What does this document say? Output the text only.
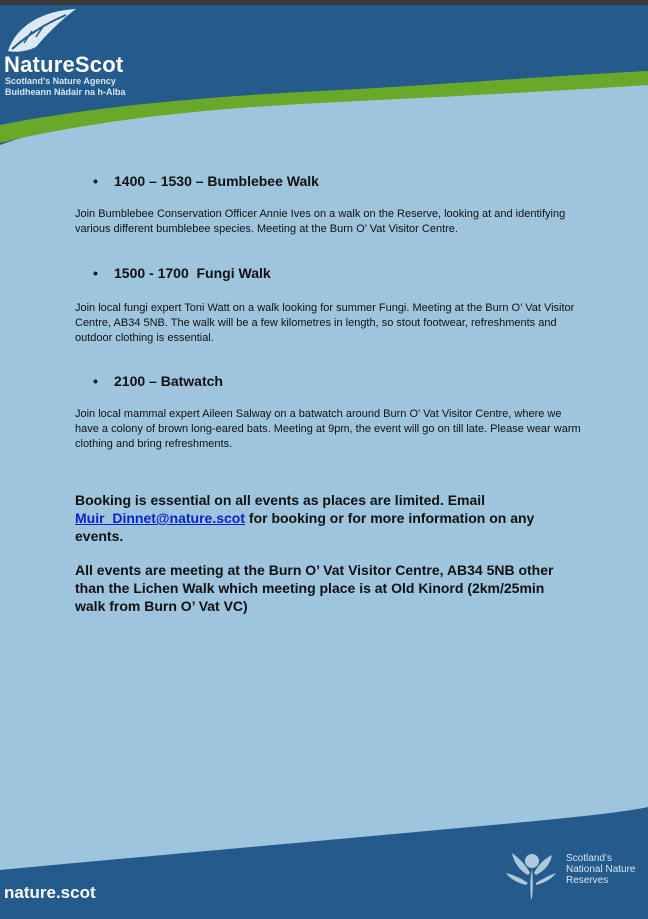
NatureScot
Scotland's Nature Agency
Buidheann Nàdair na h-Alba
• 1400 – 1530 – Bumblebee Walk
Join Bumblebee Conservation Officer Annie Ives on a walk on the Reserve, looking at and identifying various different bumblebee species. Meeting at the Burn O’ Vat Visitor Centre.
• 1500 - 1700  Fungi Walk
Join local fungi expert Toni Watt on a walk looking for summer Fungi. Meeting at the Burn O’ Vat Visitor Centre, AB34 5NB. The walk will be a few kilometres in length, so stout footwear, refreshments and outdoor clothing is essential.
• 2100 – Batwatch
Join local mammal expert Aileen Salway on a batwatch around Burn O’ Vat Visitor Centre, where we have a colony of brown long-eared bats. Meeting at 9pm, the event will go on till late. Please wear warm clothing and bring refreshments.
Booking is essential on all events as places are limited. Email Muir_Dinnet@nature.scot for booking or for more information on any events.
All events are meeting at the Burn O’ Vat Visitor Centre, AB34 5NB other than the Lichen Walk which meeting place is at Old Kinord (2km/25min walk from Burn O’ Vat VC)
nature.scot
Scotland’s
National Nature
Reserves
